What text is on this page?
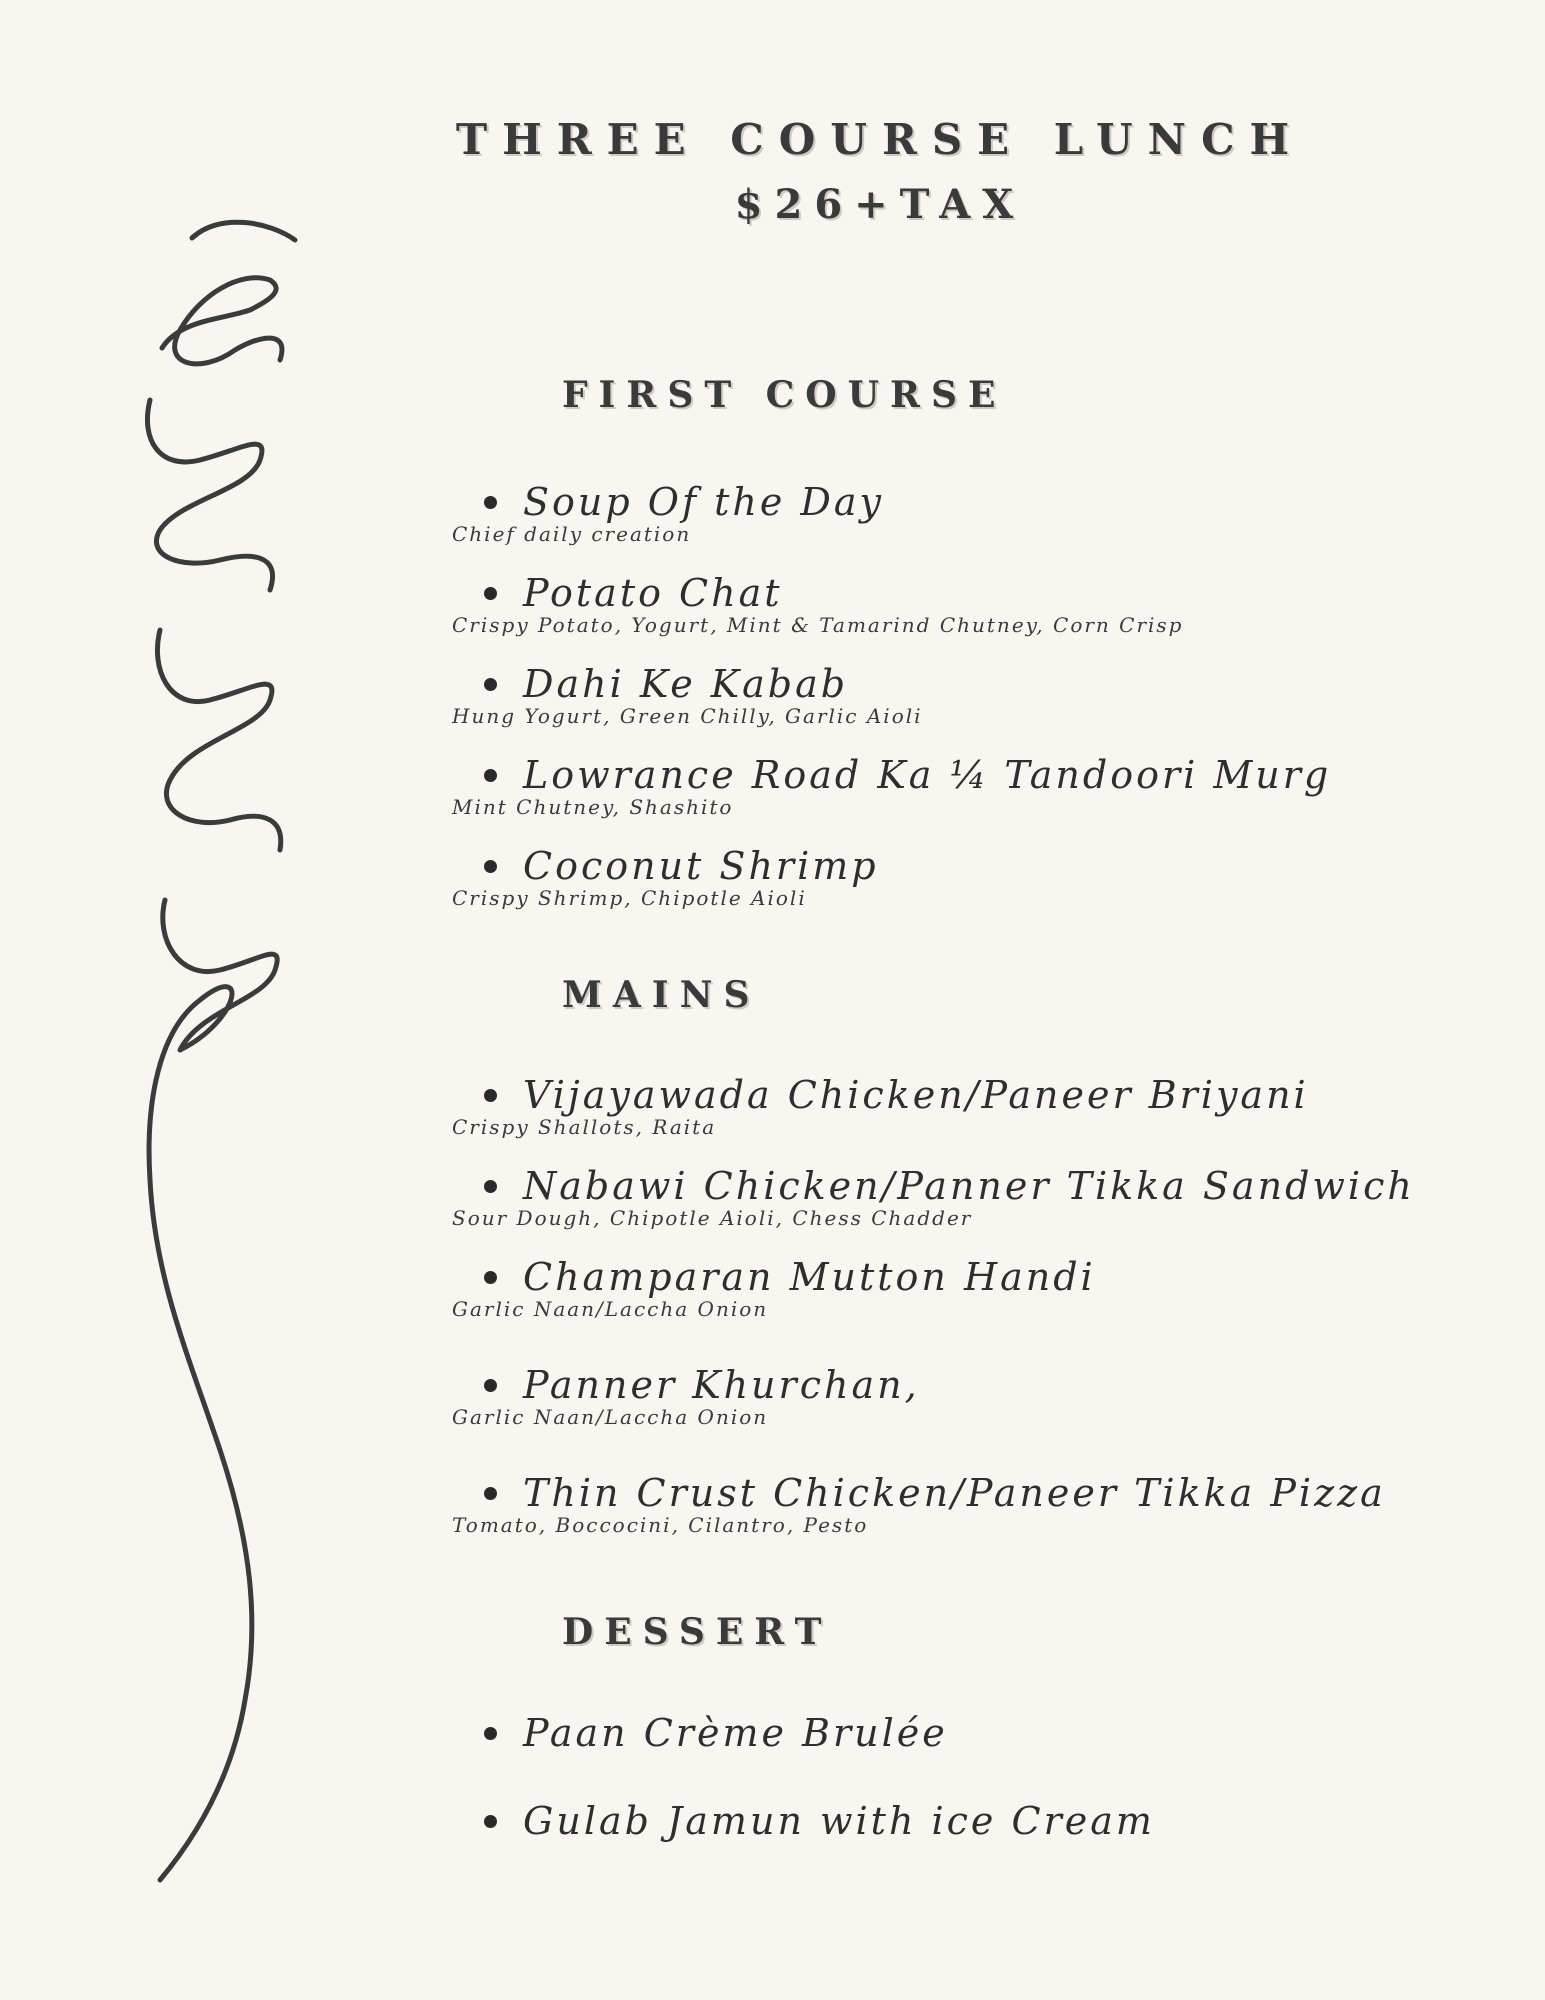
THREE COURSE LUNCH
$26+TAX
FIRST COURSE
Soup Of the Day
Chief daily creation
Potato Chat
Crispy Potato, Yogurt, Mint & Tamarind Chutney, Corn Crisp
Dahi Ke Kabab
Hung Yogurt, Green Chilly, Garlic Aioli
Lowrance Road Ka ¼ Tandoori Murg
Mint Chutney, Shashito
Coconut Shrimp
Crispy Shrimp, Chipotle Aioli
MAINS
Vijayawada Chicken/Paneer Briyani
Crispy Shallots, Raita
Nabawi Chicken/Panner Tikka Sandwich
Sour Dough, Chipotle Aioli, Chess Chadder
Champaran Mutton Handi
Garlic Naan/Laccha Onion
Panner Khurchan,
Garlic Naan/Laccha Onion
Thin Crust Chicken/Paneer Tikka Pizza
Tomato, Boccocini, Cilantro, Pesto
DESSERT
Paan Crème Brulée
Gulab Jamun with ice Cream
